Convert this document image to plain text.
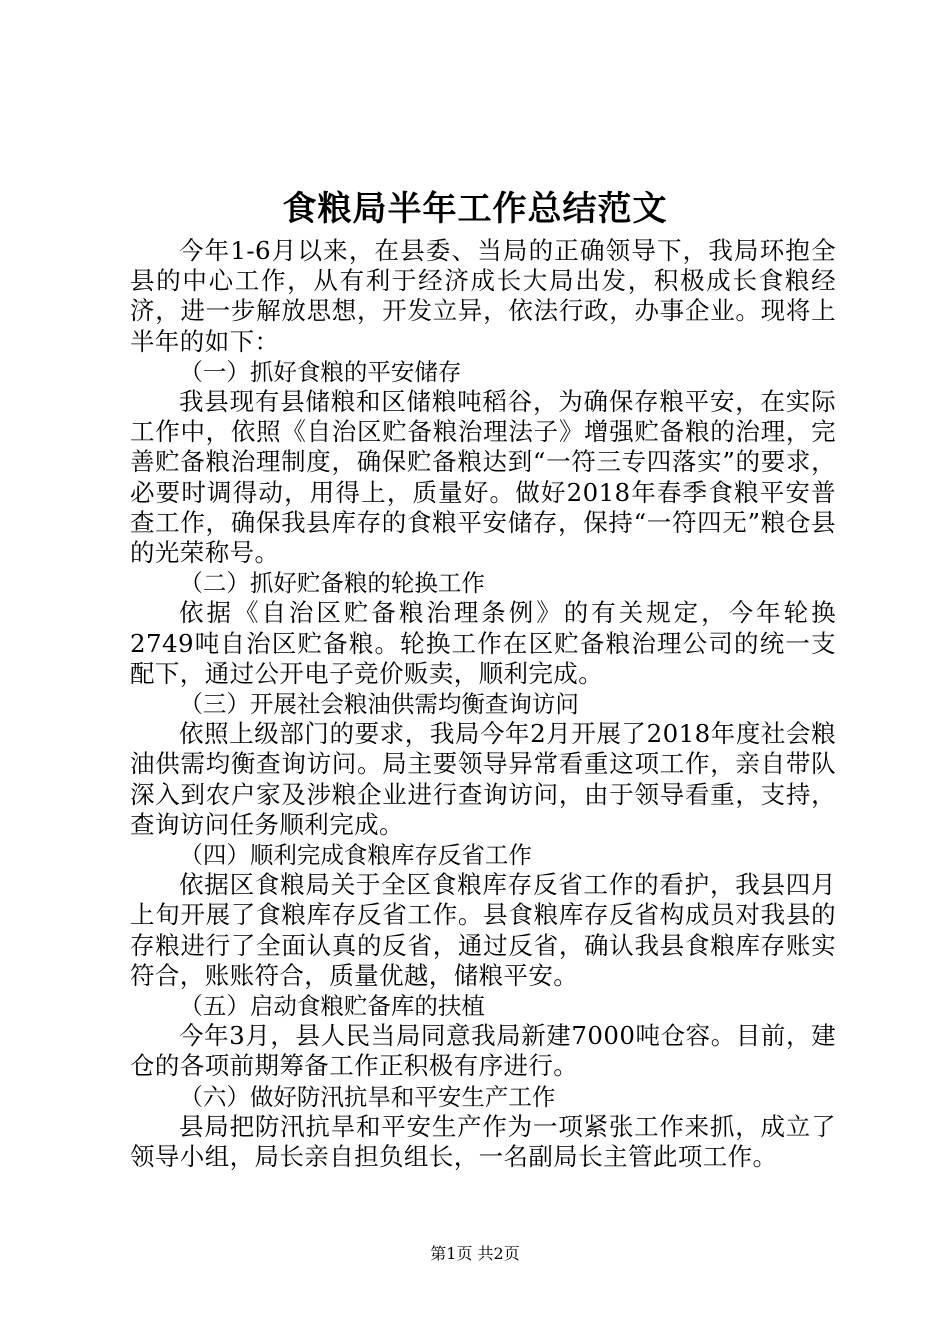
食粮局半年工作总结范文

今年1-6月以来，在县委、当局的正确领导下，我局环抱全县的中心工作，从有利于经济成长大局出发，积极成长食粮经济，进一步解放思想，开发立异，依法行政，办事企业。现将上半年的如下：

（一）抓好食粮的平安储存

我县现有县储粮和区储粮吨稻谷，为确保存粮平安，在实际工作中，依照《自治区贮备粮治理法子》增强贮备粮的治理，完善贮备粮治理制度，确保贮备粮达到“一符三专四落实”的要求，必要时调得动，用得上，质量好。做好2018年春季食粮平安普查工作，确保我县库存的食粮平安储存，保持“一符四无”粮仓县的光荣称号。

（二）抓好贮备粮的轮换工作

依据《自治区贮备粮治理条例》的有关规定，今年轮换2749吨自治区贮备粮。轮换工作在区贮备粮治理公司的统一支配下，通过公开电子竞价贩卖，顺利完成。

（三）开展社会粮油供需均衡查询访问

依照上级部门的要求，我局今年2月开展了2018年度社会粮油供需均衡查询访问。局主要领导异常看重这项工作，亲自带队深入到农户家及涉粮企业进行查询访问，由于领导看重，支持，查询访问任务顺利完成。

（四）顺利完成食粮库存反省工作

依据区食粮局关于全区食粮库存反省工作的看护，我县四月上旬开展了食粮库存反省工作。县食粮库存反省构成员对我县的存粮进行了全面认真的反省，通过反省，确认我县食粮库存账实符合，账账符合，质量优越，储粮平安。

（五）启动食粮贮备库的扶植

今年3月，县人民当局同意我局新建7000吨仓容。目前，建仓的各项前期筹备工作正积极有序进行。

（六）做好防汛抗旱和平安生产工作

县局把防汛抗旱和平安生产作为一项紧张工作来抓，成立了领导小组，局长亲自担负组长，一名副局长主管此项工作。

第1页 共2页
